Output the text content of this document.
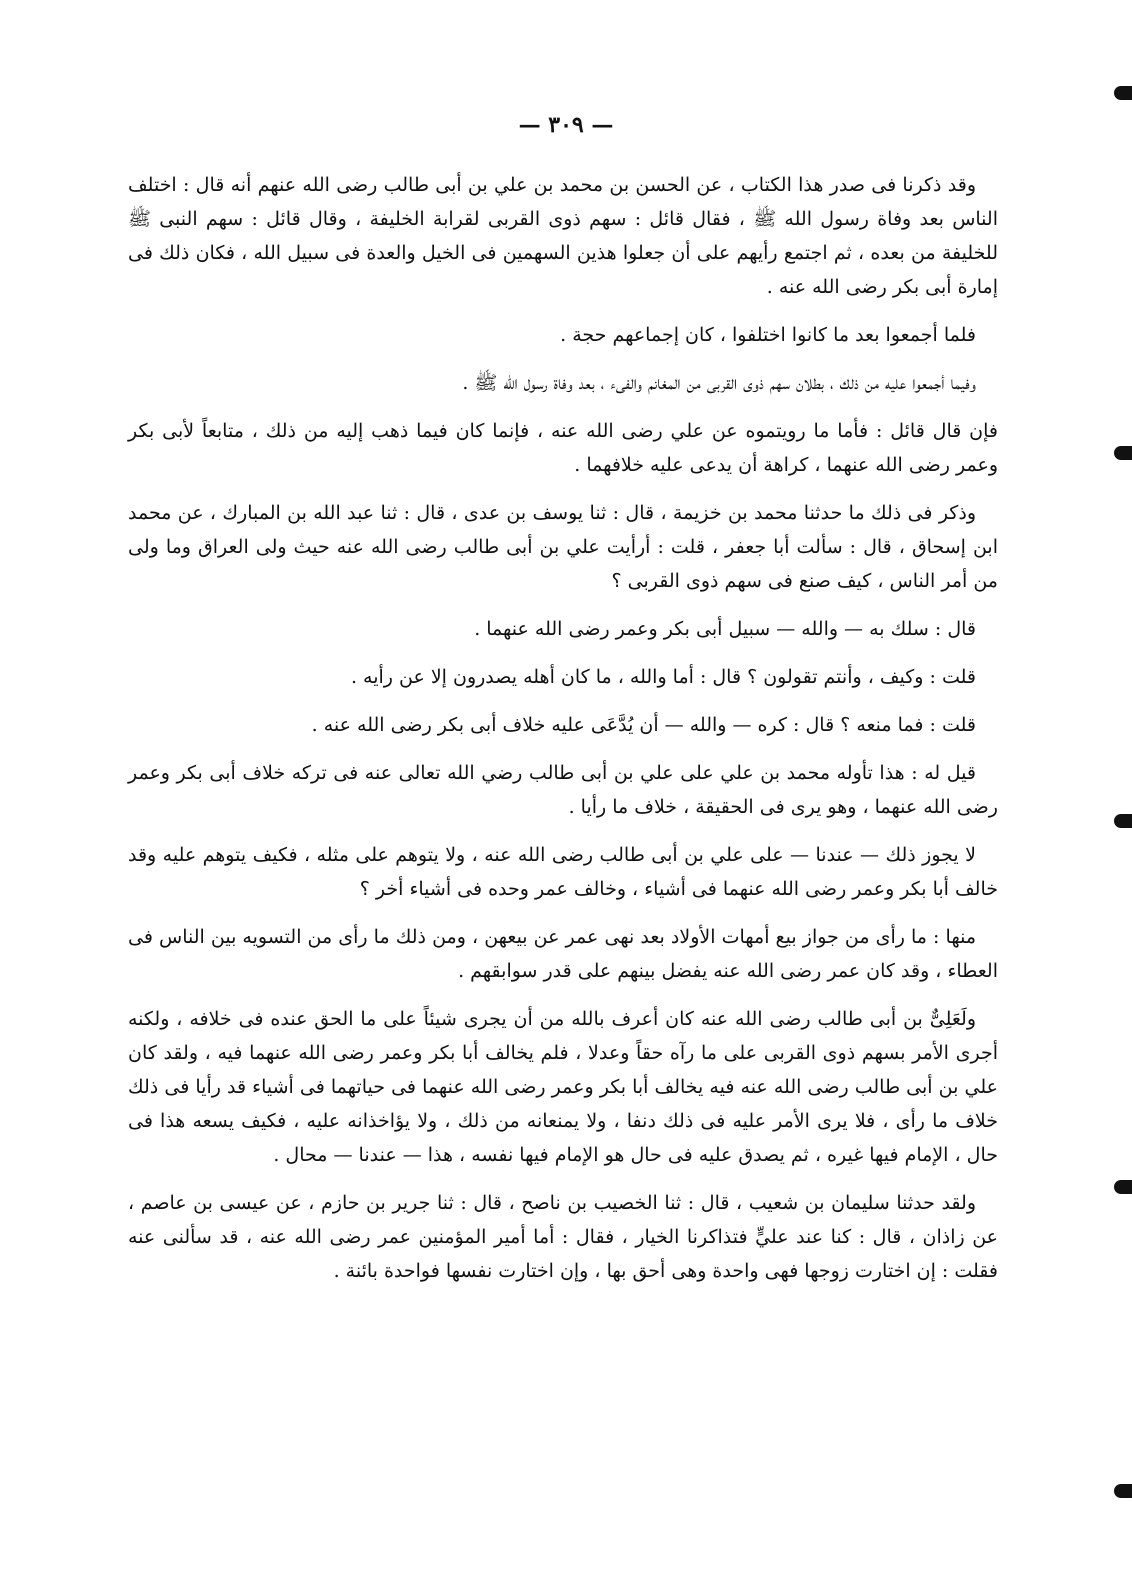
— ٣٠٩ —

وقد ذكرنا فى صدر هذا الكتاب ، عن الحسن بن محمد بن علي بن أبى طالب رضى الله عنهم أنه قال : اختلف الناس بعد وفاة رسول الله ﷺ ، فقال قائل : سهم ذوى القربى لقرابة الخليفة ، وقال قائل : سهم النبى ﷺ للخليفة من بعده ، ثم اجتمع رأيهم على أن جعلوا هذين السهمين فى الخيل والعدة فى سبيل الله ، فكان ذلك فى إمارة أبى بكر رضى الله عنه .

فلما أجمعوا بعد ما كانوا اختلفوا ، كان إجماعهم حجة .

وفيما أجمعوا عليه من ذلك ، بطلان سهم ذوى القربى من المغانم والفىء ، بعد وفاة رسول الله ﷺ .

فإن قال قائل : فأما ما رويتموه عن علي رضى الله عنه ، فإنما كان فيما ذهب إليه من ذلك ، متابعاً لأبى بكر وعمر رضى الله عنهما ، كراهة أن يدعى عليه خلافهما .

وذكر فى ذلك ما حدثنا محمد بن خزيمة ، قال : ثنا يوسف بن عدى ، قال : ثنا عبد الله بن المبارك ، عن محمد ابن إسحاق ، قال : سألت أبا جعفر ، قلت : أرأيت علي بن أبى طالب رضى الله عنه حيث ولى العراق وما ولى من أمر الناس ، كيف صنع فى سهم ذوى القربى ؟

قال : سلك به — والله — سبيل أبى بكر وعمر رضى الله عنهما .

قلت : وكيف ، وأنتم تقولون ؟ قال : أما والله ، ما كان أهله يصدرون إلا عن رأيه .

قلت : فما منعه ؟ قال : كره — والله — أن يُدَّعَى عليه خلاف أبى بكر رضى الله عنه .

قيل له : هذا تأوله محمد بن علي على علي بن أبى طالب رضي الله تعالى عنه فى تركه خلاف أبى بكر وعمر رضى الله عنهما ، وهو يرى فى الحقيقة ، خلاف ما رأيا .

لا يجوز ذلك — عندنا — على علي بن أبى طالب رضى الله عنه ، ولا يتوهم على مثله ، فكيف يتوهم عليه وقد خالف أبا بكر وعمر رضى الله عنهما فى أشياء ، وخالف عمر وحده فى أشياء أخر ؟

منها : ما رأى من جواز بيع أمهات الأولاد بعد نهى عمر عن بيعهن ، ومن ذلك ما رأى من التسويه بين الناس فى العطاء ، وقد كان عمر رضى الله عنه يفضل بينهم على قدر سوابقهم .

ولَعَلِىٌّ بن أبى طالب رضى الله عنه كان أعرف بالله من أن يجرى شيئاً على ما الحق عنده فى خلافه ، ولكنه أجرى الأمر بسهم ذوى القربى على ما رآه حقاً وعدلا ، فلم يخالف أبا بكر وعمر رضى الله عنهما فيه ، ولقد كان علي بن أبى طالب رضى الله عنه فيه يخالف أبا بكر وعمر رضى الله عنهما فى حياتهما فى أشياء قد رأيا فى ذلك خلاف ما رأى ، فلا يرى الأمر عليه فى ذلك دنفا ، ولا يمنعانه من ذلك ، ولا يؤاخذانه عليه ، فكيف يسعه هذا فى حال ، الإمام فيها غيره ، ثم يصدق عليه فى حال هو الإمام فيها نفسه ، هذا — عندنا — محال .

ولقد حدثنا سليمان بن شعيب ، قال : ثنا الخصيب بن ناصح ، قال : ثنا جرير بن حازم ، عن عيسى بن عاصم ، عن زاذان ، قال : كنا عند عليٍّ فتذاكرنا الخيار ، فقال : أما أمير المؤمنين عمر رضى الله عنه ، قد سألنى عنه فقلت : إن اختارت زوجها فهى واحدة وهى أحق بها ، وإن اختارت نفسها فواحدة بائنة .
